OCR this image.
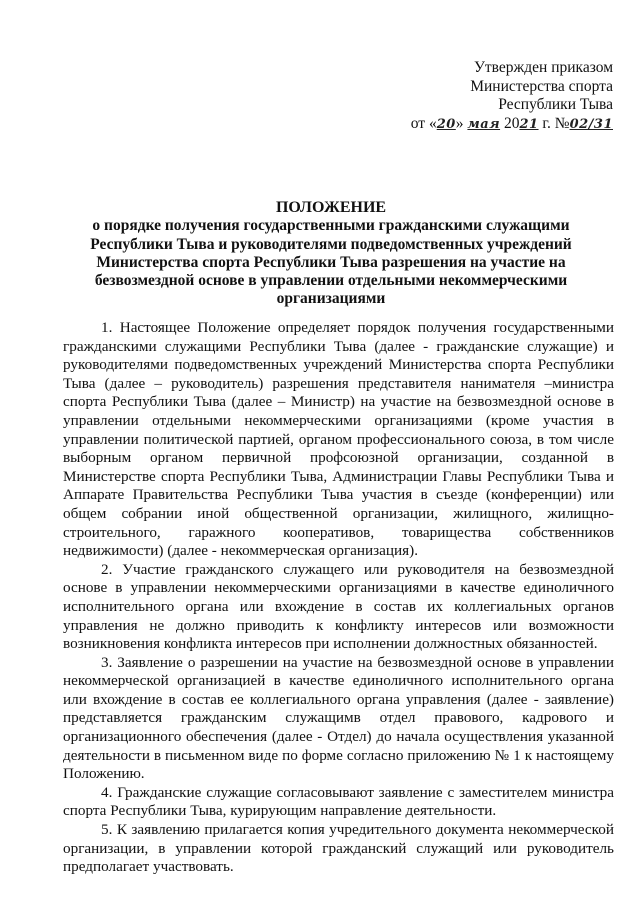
Утвержден приказом
Министерства спорта
Республики Тыва
от «20» мая 2021 г. №02/31
ПОЛОЖЕНИЕ
о порядке получения государственными гражданскими служащими Республики Тыва и руководителями подведомственных учреждений Министерства спорта Республики Тыва разрешения на участие на безвозмездной основе в управлении отдельными некоммерческими организациями

1. Настоящее Положение определяет порядок получения государственными гражданскими служащими Республики Тыва (далее - гражданские служащие) и руководителями подведомственных учреждений Министерства спорта Республики Тыва (далее – руководитель) разрешения представителя нанимателя –министра спорта Республики Тыва (далее – Министр) на участие на безвозмездной основе в управлении отдельными некоммерческими организациями (кроме участия в управлении политической партией, органом профессионального союза, в том числе выборным органом первичной профсоюзной организации, созданной в Министерстве спорта Республики Тыва, Администрации Главы Республики Тыва и Аппарате Правительства Республики Тыва участия в съезде (конференции) или общем собрании иной общественной организации, жилищного, жилищно-строительного, гаражного кооперативов, товарищества собственников недвижимости) (далее - некоммерческая организация).

2. Участие гражданского служащего или руководителя на безвозмездной основе в управлении некоммерческими организациями в качестве единоличного исполнительного органа или вхождение в состав их коллегиальных органов управления не должно приводить к конфликту интересов или возможности возникновения конфликта интересов при исполнении должностных обязанностей.

3. Заявление о разрешении на участие на безвозмездной основе в управлении некоммерческой организацией в качестве единоличного исполнительного органа или вхождение в состав ее коллегиального органа управления (далее - заявление) представляется гражданским служащимв отдел правового, кадрового и организационного обеспечения (далее - Отдел) до начала осуществления указанной деятельности в письменном виде по форме согласно приложению № 1 к настоящему Положению.

4. Гражданские служащие согласовывают заявление с заместителем министра спорта Республики Тыва, курирующим направление деятельности.

5. К заявлению прилагается копия учредительного документа некоммерческой организации, в управлении которой гражданский служащий или руководитель предполагает участвовать.
